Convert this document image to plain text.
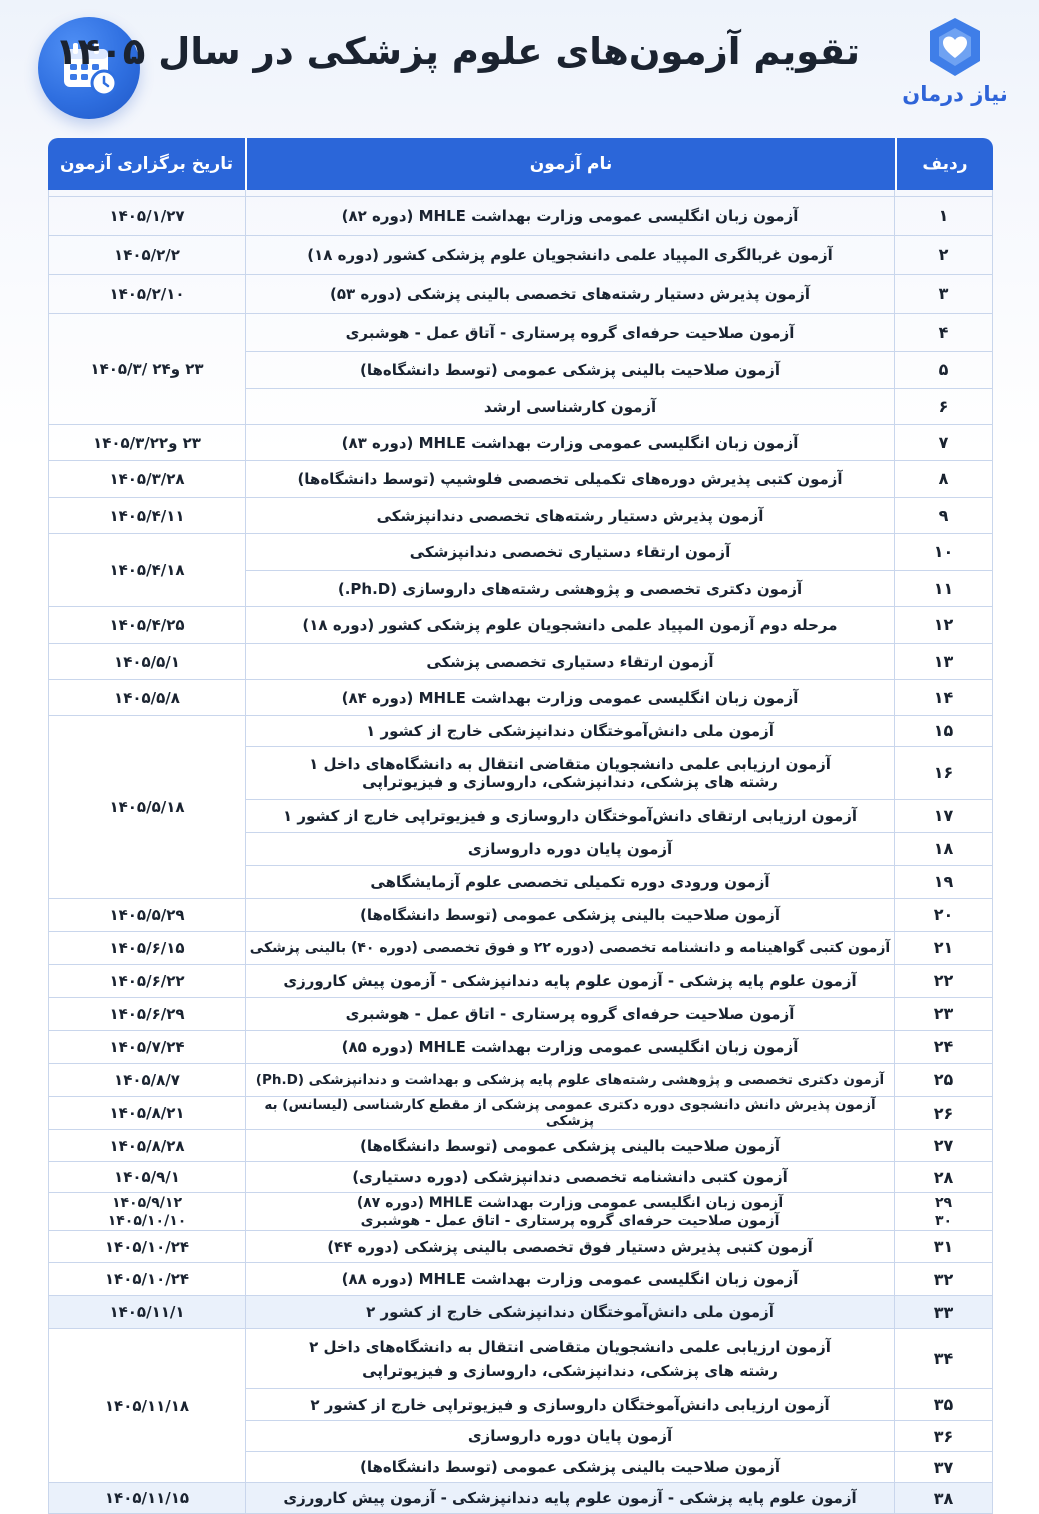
تقویم آزمون‌های علوم پزشکی در سال ۱۴۰۵
نیاز درمان
ردیف	نام آزمون	تاریخ برگزاری آزمون

۱	آزمون زبان انگلیسی عمومی وزارت بهداشت MHLE (دوره ۸۲)	۱۴۰۵/۱/۲۷
۲	آزمون غربالگری المپیاد علمی دانشجویان علوم پزشکی کشور (دوره ۱۸)	۱۴۰۵/۲/۲
۳	آزمون پذیرش دستیار رشته‌های تخصصی بالینی پزشکی (دوره ۵۳)	۱۴۰۵/۲/۱۰
۴	آزمون صلاحیت حرفه‌ای گروه پرستاری - آتاق عمل - هوشبری	۲۳ و۲۴ /۱۴۰۵/۳
۵	آزمون صلاحیت بالینی پزشکی عمومی (توسط دانشگاه‌ها)	
۶	آزمون کارشناسی ارشد	
۷	آزمون زبان انگلیسی عمومی وزارت بهداشت MHLE (دوره ۸۳)	۲۳ و۱۴۰۵/۳/۲۲
۸	آزمون کتبی پذیرش دوره‌های تکمیلی تخصصی فلوشیپ (توسط دانشگاه‌ها)	۱۴۰۵/۳/۲۸
۹	آزمون پذیرش دستیار رشته‌های تخصصی دندانپزشکی	۱۴۰۵/۴/۱۱
۱۰	آزمون ارتقاء دستیاری تخصصی دندانپزشکی	۱۴۰۵/۴/۱۸
۱۱	آزمون دکتری تخصصی و پژوهشی رشته‌های داروسازی (Ph.D.)	
۱۲	مرحله دوم آزمون المپیاد علمی دانشجویان علوم پزشکی کشور (دوره ۱۸)	۱۴۰۵/۴/۲۵
۱۳	آزمون ارتقاء دستیاری تخصصی پزشکی	۱۴۰۵/۵/۱
۱۴	آزمون زبان انگلیسی عمومی وزارت بهداشت MHLE (دوره ۸۴)	۱۴۰۵/۵/۸
۱۵	آزمون ملی دانش‌آموختگان دندانپزشکی خارج از کشور ۱	۱۴۰۵/۵/۱۸
۱۶	آزمون ارزیابی علمی دانشجویان متقاضی انتقال به دانشگاه‌های داخل ۱
رشته های پزشکی، دندانپزشکی، داروسازی و فیزیوتراپی	

۱۷	آزمون ارزیابی ارتقای دانش‌آموختگان داروسازی و فیزیوتراپی خارج از کشور ۱	
۱۸	آزمون پایان دوره داروسازی	
۱۹	آزمون ورودی دوره تکمیلی تخصصی علوم آزمایشگاهی	
۲۰	آزمون صلاحیت بالینی پزشکی عمومی (توسط دانشگاه‌ها)	۱۴۰۵/۵/۲۹
۲۱	آزمون کتبی گواهینامه و دانشنامه تخصصی (دوره ۲۲ و فوق تخصصی (دوره ۴۰) بالینی پزشکی	۱۴۰۵/۶/۱۵
۲۲	آزمون علوم پایه پزشکی - آزمون علوم پایه دندانپزشکی - آزمون پیش کارورزی	۱۴۰۵/۶/۲۲
۲۳	آزمون صلاحیت حرفه‌ای گروه پرستاری - اتاق عمل - هوشبری	۱۴۰۵/۶/۲۹
۲۴	آزمون زبان انگلیسی عمومی وزارت بهداشت MHLE (دوره ۸۵)	۱۴۰۵/۷/۲۴
۲۵	آزمون دکتری تخصصی و پژوهشی رشته‌های علوم پایه پزشکی و بهداشت و دندانپزشکی (Ph.D)	۱۴۰۵/۸/۷
۲۶	آزمون پذیرش دانش دانشجوی دوره دکتری عمومی پزشکی از مقطع کارشناسی (لیسانس) به پزشکی	۱۴۰۵/۸/۲۱
۲۷	آزمون صلاحیت بالینی پزشکی عمومی (توسط دانشگاه‌ها)	۱۴۰۵/۸/۲۸
۲۸	آزمون کتبی دانشنامه تخصصی دندانپزشکی (دوره دستیاری)	۱۴۰۵/۹/۱
۲۹	آزمون زبان انگلیسی عمومی وزارت بهداشت MHLE (دوره ۸۷)	۱۴۰۵/۹/۱۲
۳۰	آزمون صلاحیت حرفه‌ای گروه پرستاری - اتاق عمل - هوشبری	۱۴۰۵/۱۰/۱۰
۳۱	آزمون کتبی پذیرش دستیار فوق تخصصی بالینی پزشکی (دوره ۴۴)	۱۴۰۵/۱۰/۲۴
۳۲	آزمون زبان انگلیسی عمومی وزارت بهداشت MHLE (دوره ۸۸)	۱۴۰۵/۱۰/۲۴
۳۳	آزمون ملی دانش‌آموختگان دندانپزشکی خارج از کشور ۲	۱۴۰۵/۱۱/۱
۳۴	آزمون ارزیابی علمی دانشجویان متقاضی انتقال به دانشگاه‌های داخل ۲
رشته های پزشکی، دندانپزشکی، داروسازی و فیزیوتراپی	۱۴۰۵/۱۱/۱۸
۳۵	آزمون ارزیابی دانش‌آموختگان داروسازی و فیزیوتراپی خارج از کشور ۲	
۳۶	آزمون پایان دوره داروسازی	
۳۷	آزمون صلاحیت بالینی پزشکی عمومی (توسط دانشگاه‌ها)	
۳۸	آزمون علوم پایه پزشکی - آزمون علوم پایه دندانپزشکی - آزمون پیش کارورزی	۱۴۰۵/۱۱/۱۵
